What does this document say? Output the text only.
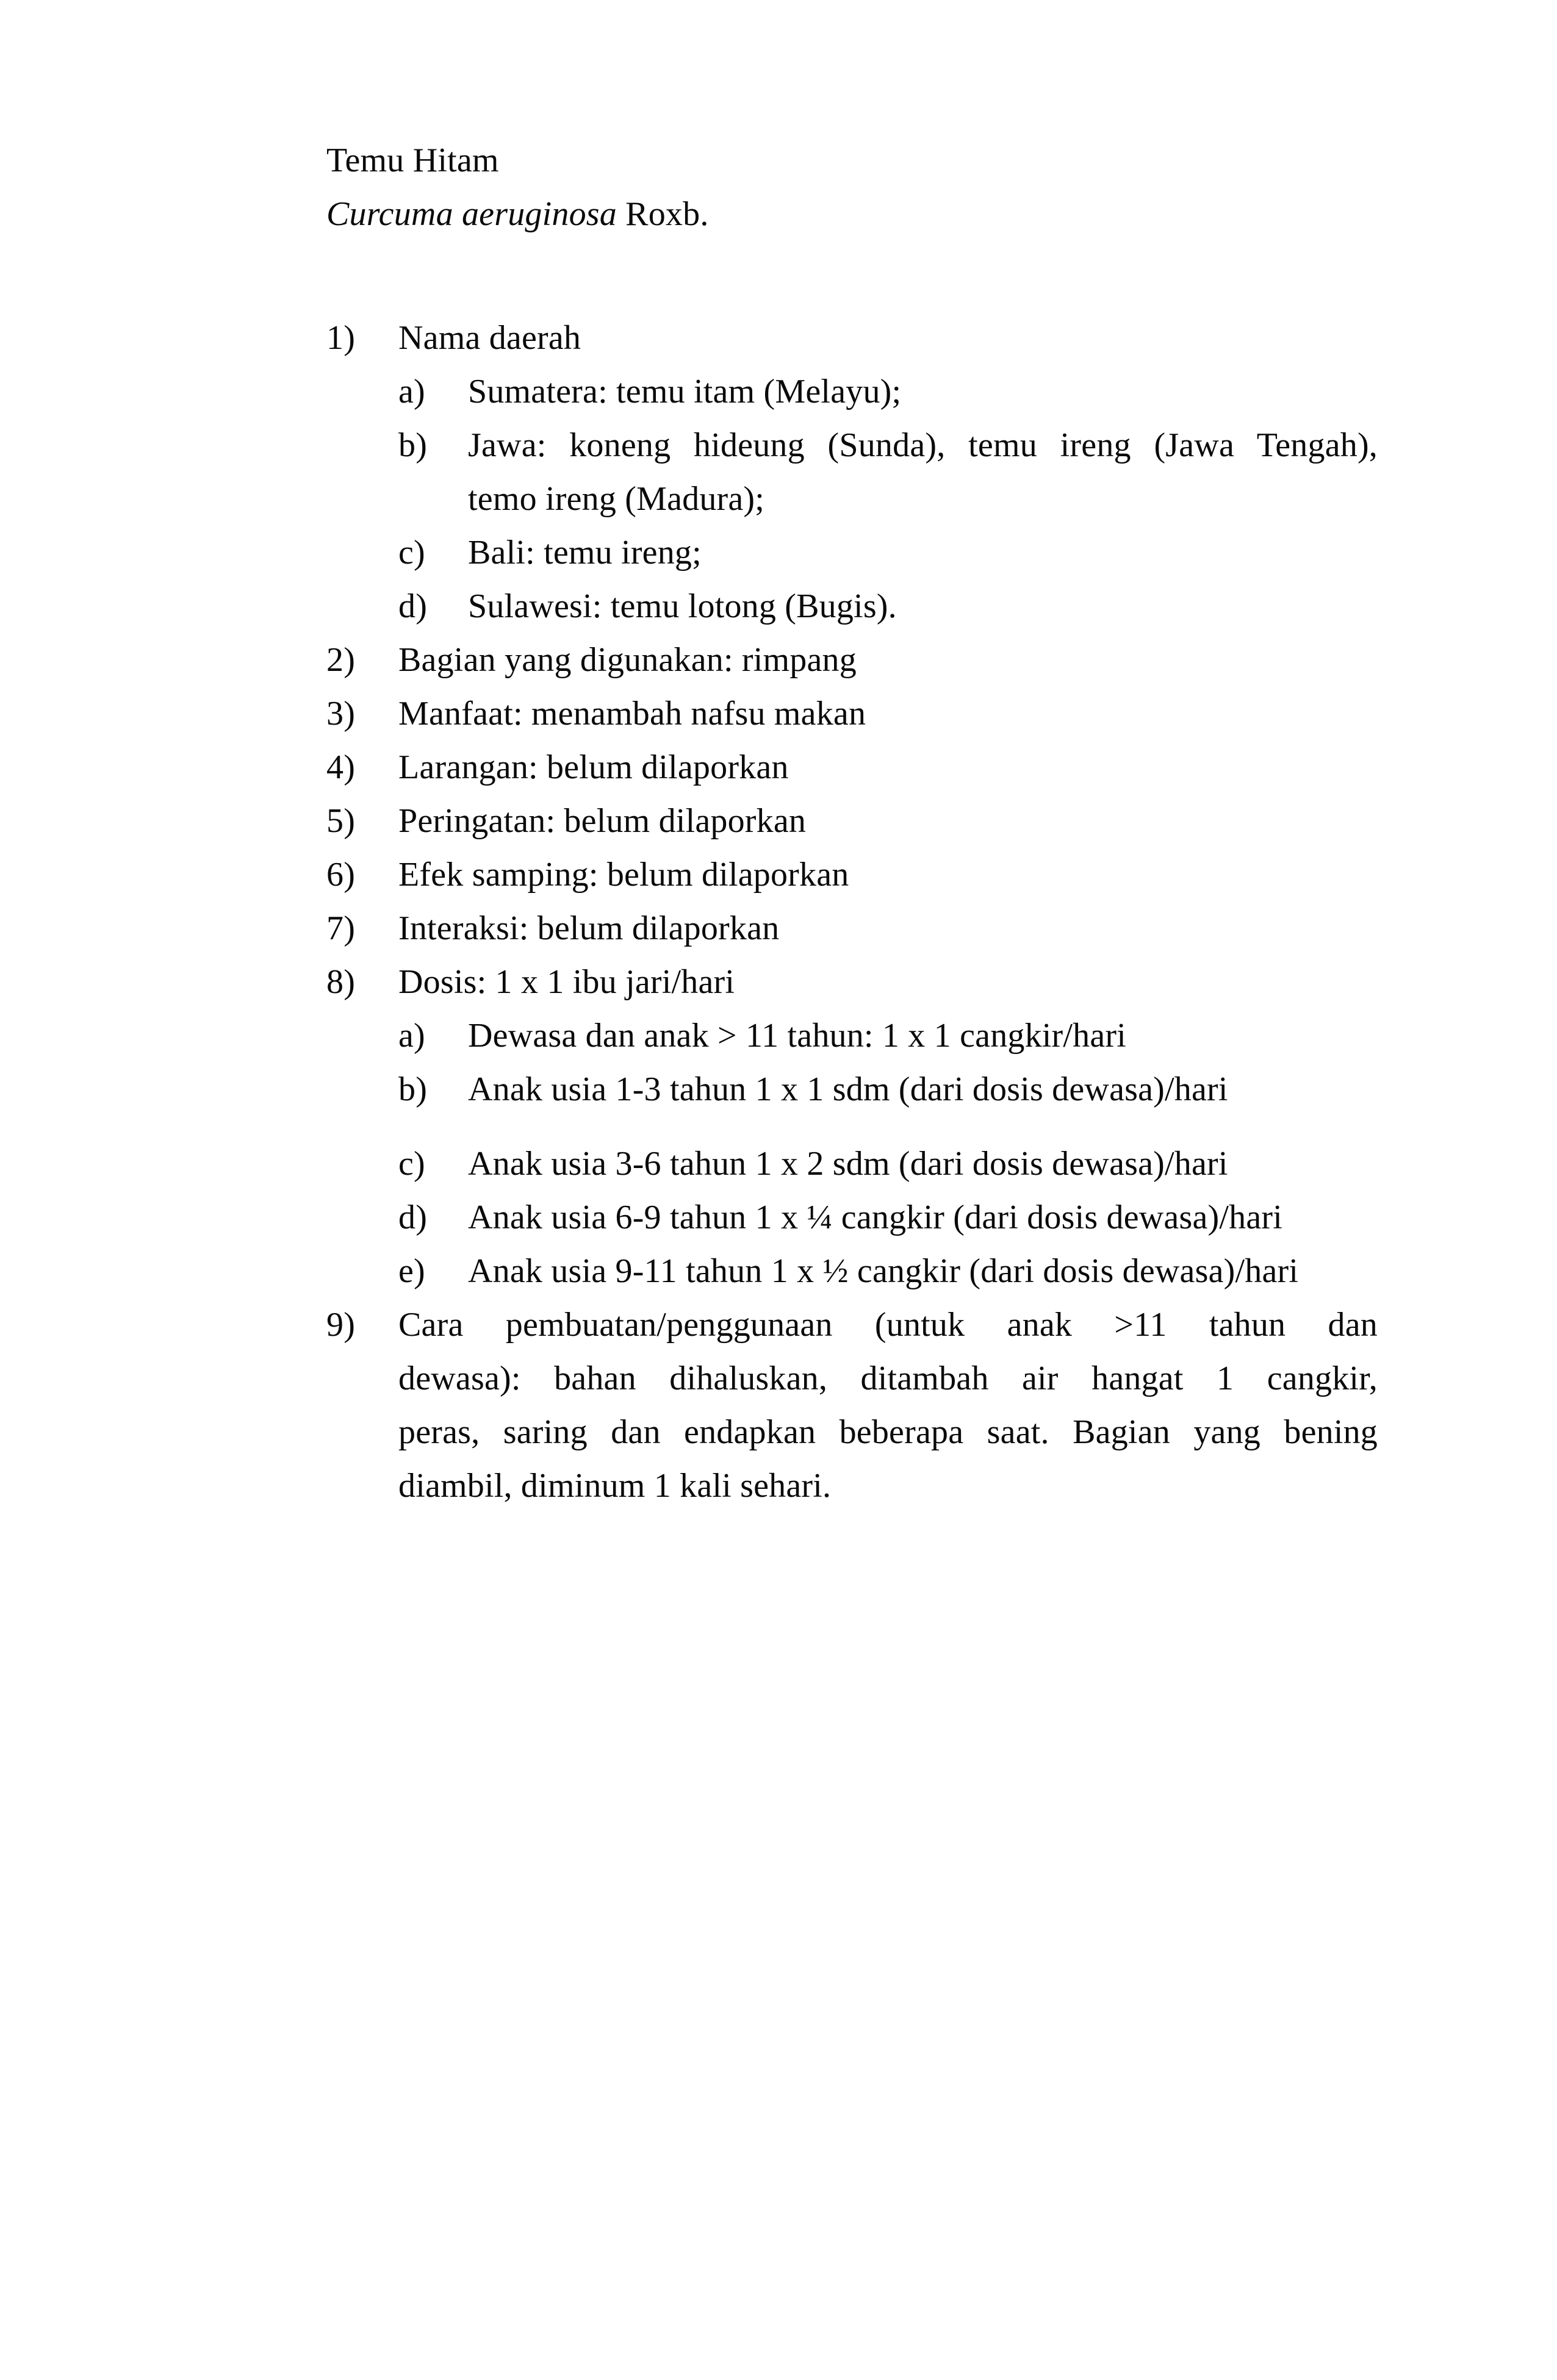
Temu Hitam
Curcuma aeruginosa Roxb.
1) Nama daerah
a) Sumatera: temu itam (Melayu);
b) Jawa: koneng hideung (Sunda), temu ireng (Jawa Tengah),
temo ireng (Madura);
c) Bali: temu ireng;
d) Sulawesi: temu lotong (Bugis).
2) Bagian yang digunakan: rimpang
3) Manfaat: menambah nafsu makan
4) Larangan: belum dilaporkan
5) Peringatan: belum dilaporkan
6) Efek samping: belum dilaporkan
7) Interaksi: belum dilaporkan
8) Dosis: 1 x 1 ibu jari/hari
a) Dewasa dan anak > 11 tahun: 1 x 1 cangkir/hari
b) Anak usia 1-3 tahun 1 x 1 sdm (dari dosis dewasa)/hari
c) Anak usia 3-6 tahun 1 x 2 sdm (dari dosis dewasa)/hari
d) Anak usia 6-9 tahun 1 x ¼ cangkir (dari dosis dewasa)/hari
e) Anak usia 9-11 tahun 1 x ½ cangkir (dari dosis dewasa)/hari
9) Cara pembuatan/penggunaan (untuk anak >11 tahun dan
dewasa): bahan dihaluskan, ditambah air hangat 1 cangkir,
peras, saring dan endapkan beberapa saat. Bagian yang bening
diambil, diminum 1 kali sehari.
